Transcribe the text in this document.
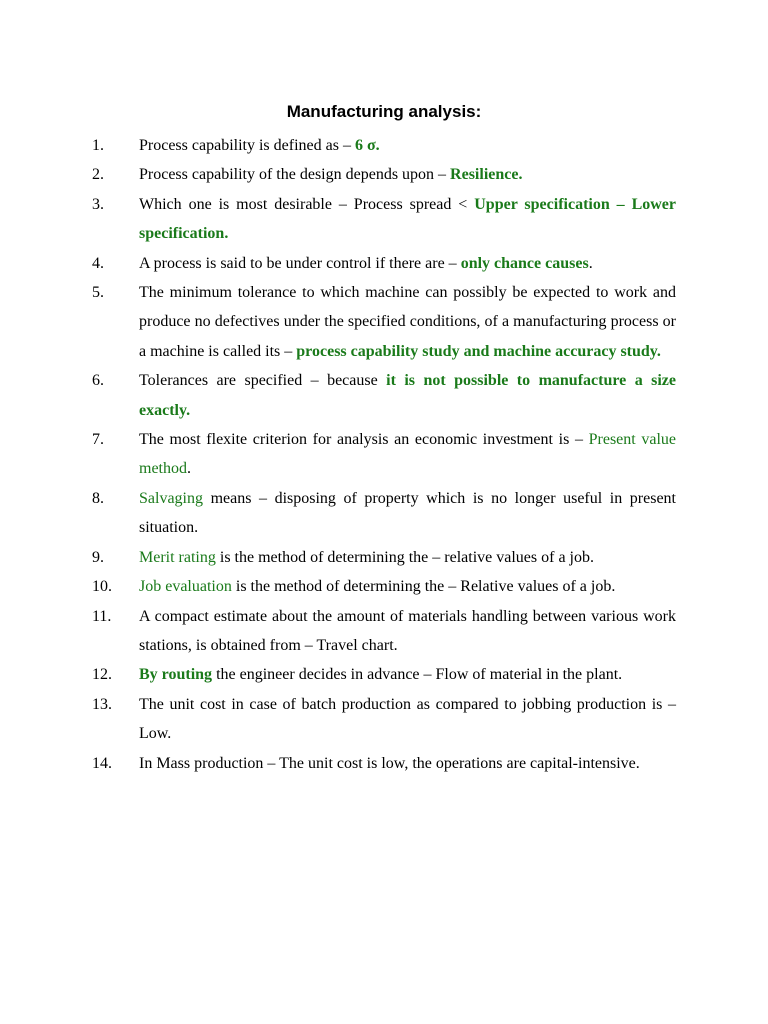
Manufacturing analysis:
1. Process capability is defined as – 6 σ.
2. Process capability of the design depends upon – Resilience.
3. Which one is most desirable – Process spread < Upper specification – Lower specification.
4. A process is said to be under control if there are – only chance causes.
5. The minimum tolerance to which machine can possibly be expected to work and produce no defectives under the specified conditions, of a manufacturing process or a machine is called its – process capability study and machine accuracy study.
6. Tolerances are specified – because it is not possible to manufacture a size exactly.
7. The most flexite criterion for analysis an economic investment is – Present value method.
8. Salvaging means – disposing of property which is no longer useful in present situation.
9. Merit rating is the method of determining the – relative values of a job.
10. Job evaluation is the method of determining the – Relative values of a job.
11. A compact estimate about the amount of materials handling between various work stations, is obtained from – Travel chart.
12. By routing the engineer decides in advance – Flow of material in the plant.
13. The unit cost in case of batch production as compared to jobbing production is – Low.
14. In Mass production – The unit cost is low, the operations are capital-intensive.
